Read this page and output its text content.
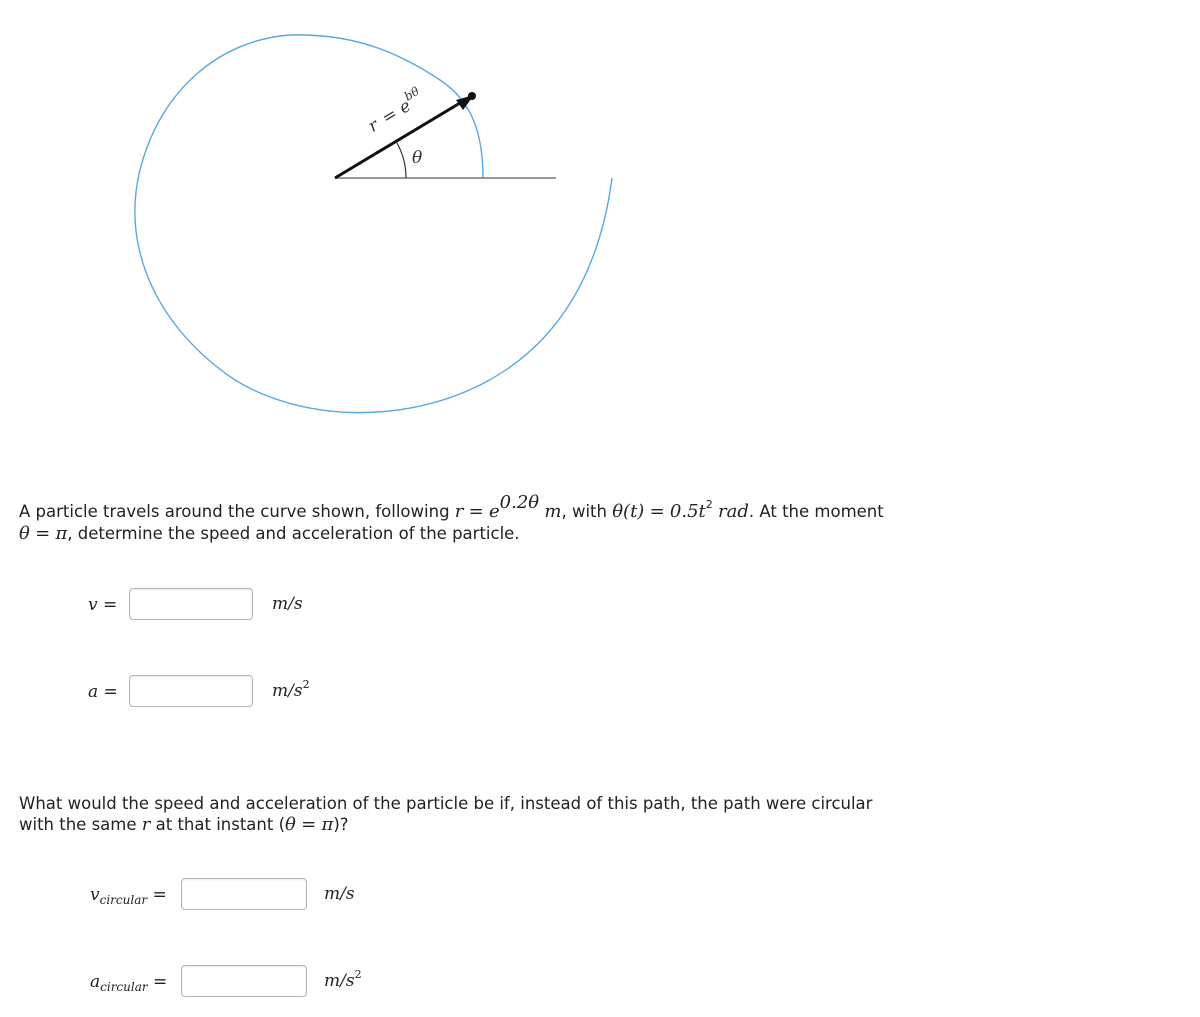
r
=
e
bθ
θ
A particle travels around the curve shown, following $r = e^{0.2\theta}$ m, with $\theta(t) = 0.5t^2$ rad. At the moment
θ = π, determine the speed and acceleration of the particle.
v =	m/s
a =	$m/s^2$
What would the speed and acceleration of the particle be if, instead of this path, the path were circular
with the same r at that instant (θ = π)?
$v_{circular}$ =	m/s
$a_{circular}$ =	$m/s^2$
